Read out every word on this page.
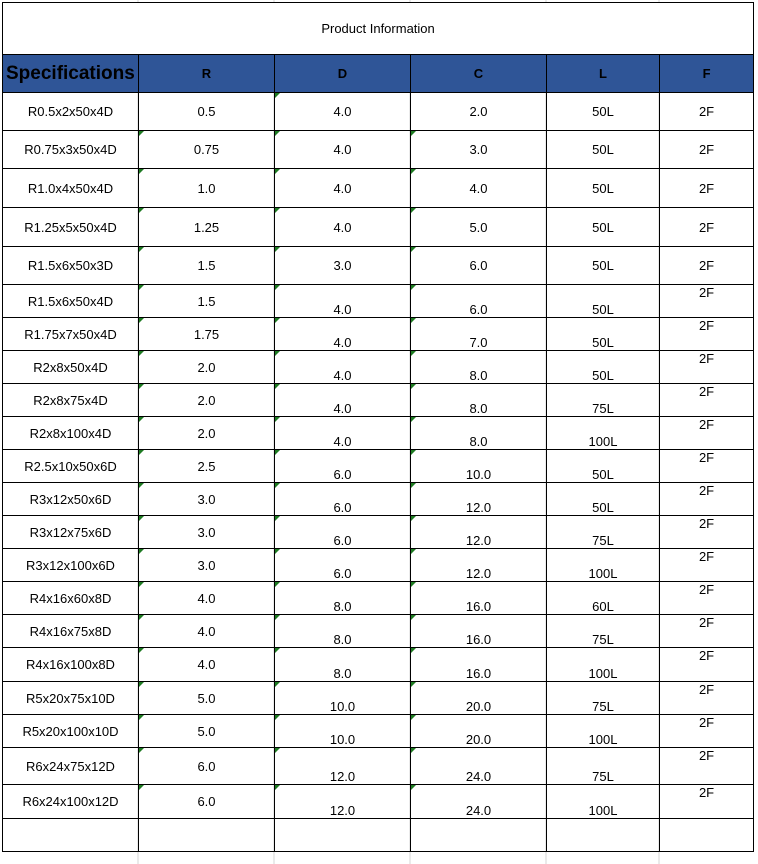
Product Information					
Specifications	R	D	C	L	F
R0.5x2x50x4D	0.5	4.0	2.0	50L	2F
R0.75x3x50x4D	0.75	4.0	3.0	50L	2F
R1.0x4x50x4D	1.0	4.0	4.0	50L	2F
R1.25x5x50x4D	1.25	4.0	5.0	50L	2F
R1.5x6x50x3D	1.5	3.0	6.0	50L	2F
R1.5x6x50x4D	1.5	4.0	6.0	50L	2F
R1.75x7x50x4D	1.75	4.0	7.0	50L	2F
R2x8x50x4D	2.0	4.0	8.0	50L	2F
R2x8x75x4D	2.0	4.0	8.0	75L	2F
R2x8x100x4D	2.0	4.0	8.0	100L	2F
R2.5x10x50x6D	2.5	6.0	10.0	50L	2F
R3x12x50x6D	3.0	6.0	12.0	50L	2F
R3x12x75x6D	3.0	6.0	12.0	75L	2F
R3x12x100x6D	3.0	6.0	12.0	100L	2F
R4x16x60x8D	4.0	8.0	16.0	60L	2F
R4x16x75x8D	4.0	8.0	16.0	75L	2F
R4x16x100x8D	4.0	8.0	16.0	100L	2F
R5x20x75x10D	5.0	10.0	20.0	75L	2F
R5x20x100x10D	5.0	10.0	20.0	100L	2F
R6x24x75x12D	6.0	12.0	24.0	75L	2F
R6x24x100x12D	6.0	12.0	24.0	100L	2F
